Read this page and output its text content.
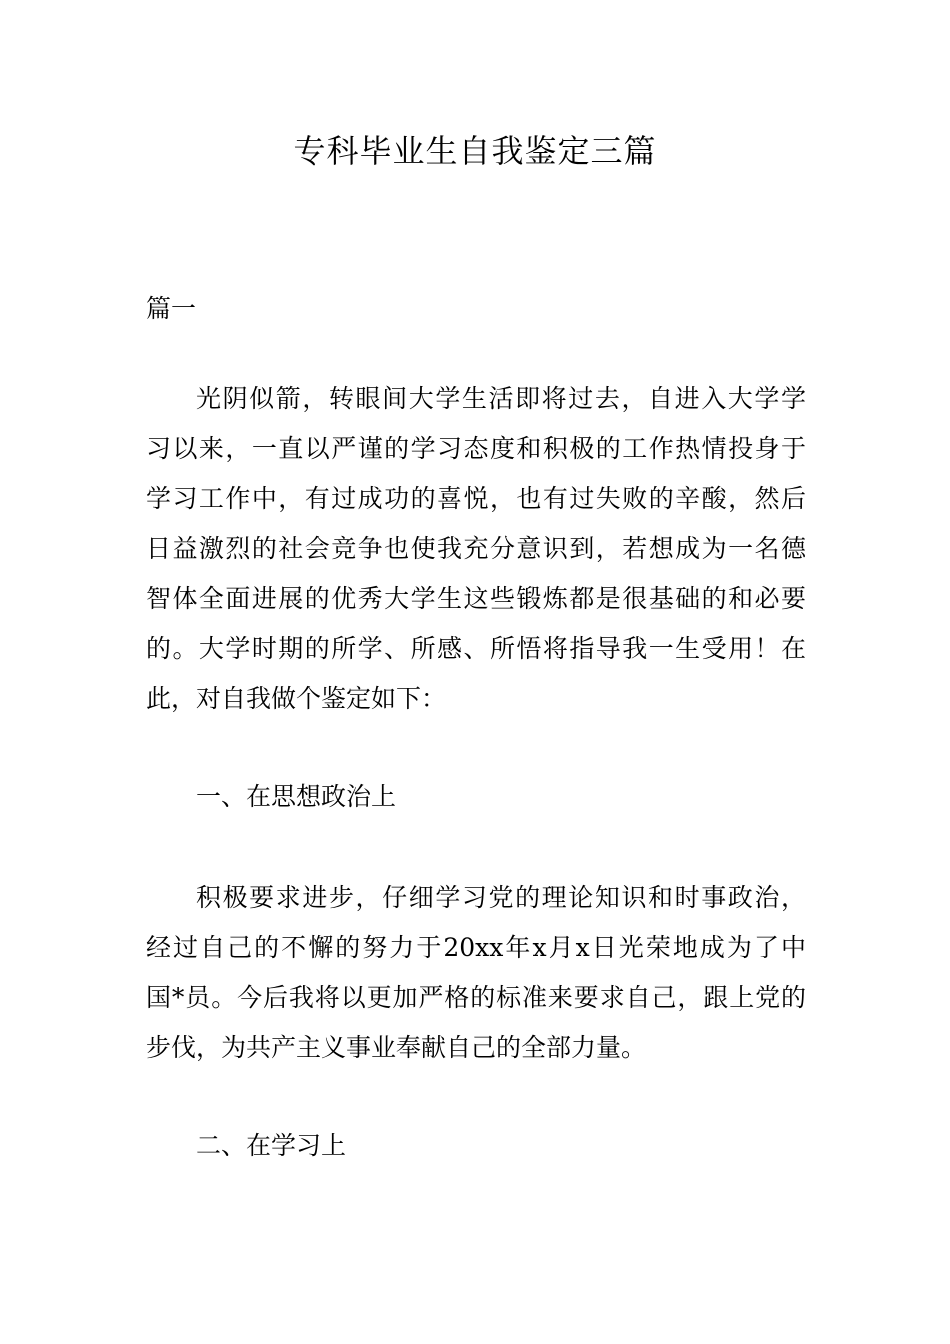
专科毕业生自我鉴定三篇

篇一

光阴似箭，转眼间大学生活即将过去，自进入大学学
习以来，一直以严谨的学习态度和积极的工作热情投身于
学习工作中，有过成功的喜悦，也有过失败的辛酸，然后
日益激烈的社会竞争也使我充分意识到，若想成为一名德
智体全面进展的优秀大学生这些锻炼都是很基础的和必要
的。大学时期的所学、所感、所悟将指导我一生受用！在
此，对自我做个鉴定如下：

一、在思想政治上

积极要求进步，仔细学习党的理论知识和时事政治，
经过自己的不懈的努力于20xx年x月x日光荣地成为了中
国*员。今后我将以更加严格的标准来要求自己，跟上党的
步伐，为共产主义事业奉献自己的全部力量。

二、在学习上
